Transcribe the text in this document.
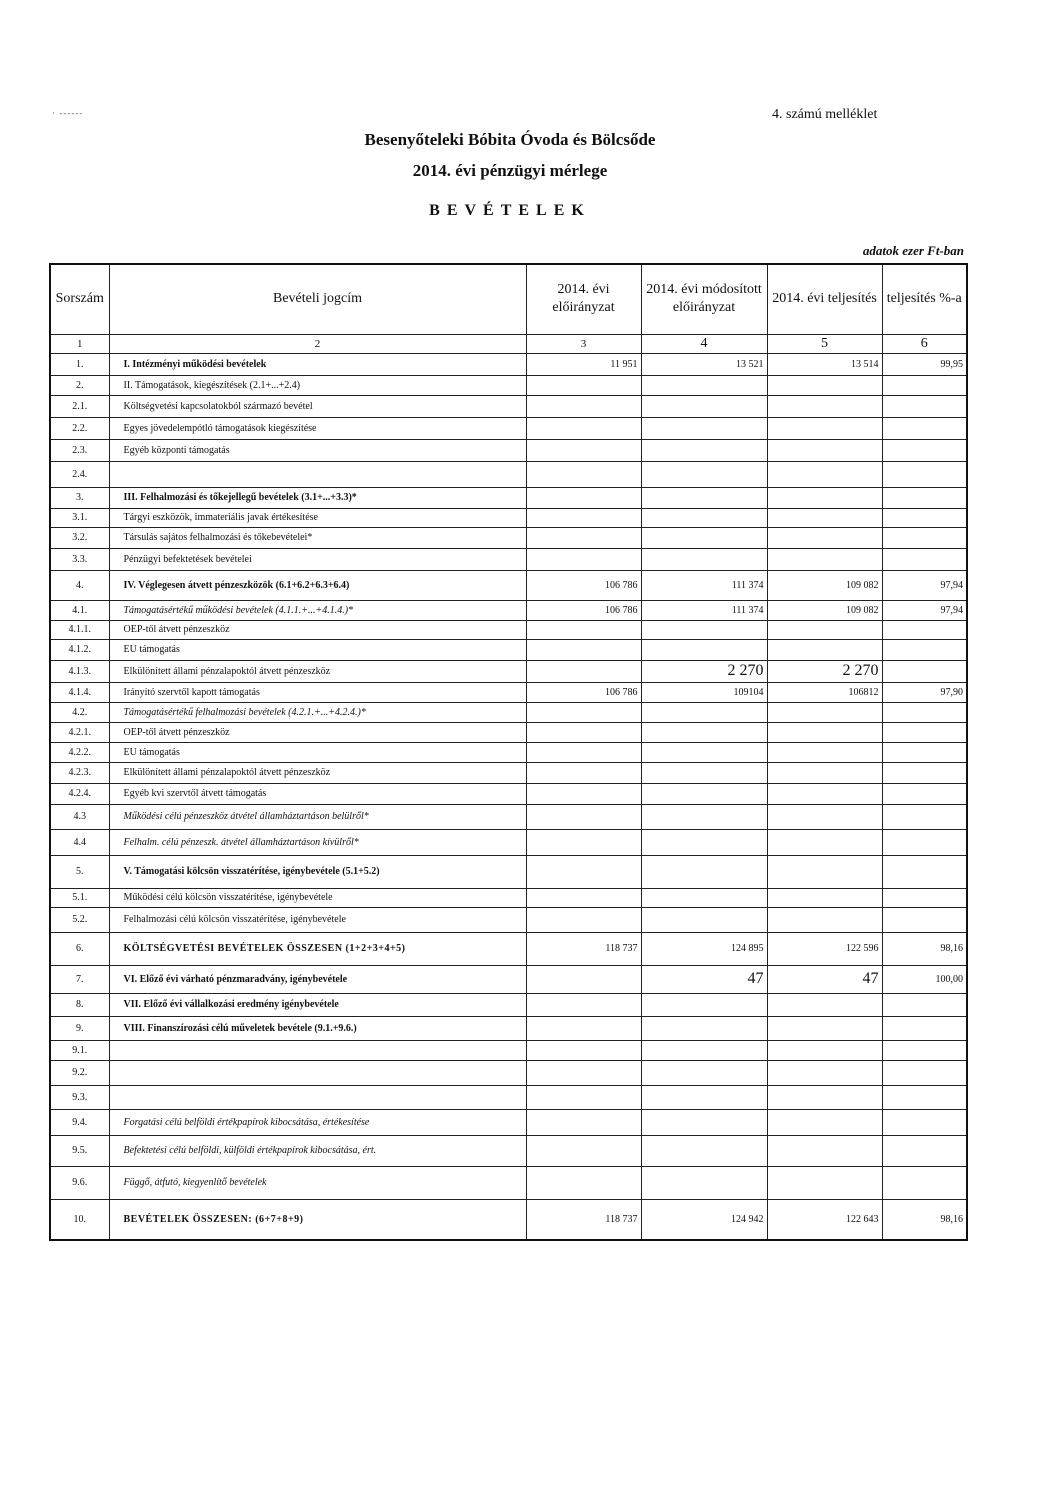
· ------	4. számú melléklet
Besenyőteleki Bóbita Óvoda és Bölcsőde
2014. évi pénzügyi mérlege
BEVÉTELEK
adatok ezer Ft-ban
Sorszám	Bevételi jogcím	2014. évi előirányzat	2014. évi módosított előirányzat	2014. évi teljesítés	teljesítés %-a
1	2	3	4	5	6
1.	I. Intézményi működési bevételek	11 951	13 521	13 514	99,95
2.	II. Támogatások, kiegészítések (2.1+...+2.4)				
2.1.	Költségvetési kapcsolatokból származó bevétel				
2.2.	Egyes jövedelempótló támogatások kiegészítése				
2.3.	Egyéb központi támogatás				
2.4.					
3.	III. Felhalmozási és tőkejellegű bevételek (3.1+...+3.3)*				
3.1.	Tárgyi eszközök, immateriális javak értékesítése				
3.2.	Társulás sajátos felhalmozási és tőkebevételei*				
3.3.	Pénzügyi befektetések bevételei				
4.	IV. Véglegesen átvett pénzeszközök (6.1+6.2+6.3+6.4)	106 786	111 374	109 082	97,94
4.1.	Támogatásértékű működési bevételek (4.1.1.+...+4.1.4.)*	106 786	111 374	109 082	97,94
4.1.1.	OEP-től átvett pénzeszköz				
4.1.2.	EU támogatás				
4.1.3.	Elkülönített állami pénzalapoktól átvett pénzeszköz		2 270	2 270	
4.1.4.	Irányító szervtől kapott támogatás	106 786	109104	106812	97,90
4.2.	Támogatásértékű felhalmozási bevételek (4.2.1.+...+4.2.4.)*				
4.2.1.	OEP-től átvett pénzeszköz				
4.2.2.	EU támogatás				
4.2.3.	Elkülönített állami pénzalapoktól átvett pénzeszköz				
4.2.4.	Egyéb kvi szervtől átvett támogatás				
4.3	Működési célú pénzeszköz átvétel államháztartáson belülről*				
4.4	Felhalm. célú pénzeszk. átvétel államháztartáson kívülről*				
5.	V. Támogatási kölcsön visszatérítése, igénybevétele (5.1+5.2)				
5.1.	Működési célú kölcsön visszatérítése, igénybevétele				
5.2.	Felhalmozási célú kölcsön visszatérítése, igénybevétele				
6.	KÖLTSÉGVETÉSI BEVÉTELEK ÖSSZESEN (1+2+3+4+5)	118 737	124 895	122 596	98,16
7.	VI. Előző évi várható pénzmaradvány, igénybevétele		47	47	100,00
8.	VII. Előző évi vállalkozási eredmény igénybevétele				
9.	VIII. Finanszírozási célú műveletek bevétele (9.1.+9.6.)				
9.1.					
9.2.					
9.3.					
9.4.	Forgatási célú belföldi értékpapírok kibocsátása, értékesítése				
9.5.	Befektetési célú belföldi, külföldi értékpapírok kibocsátása, ért.				
9.6.	Függő, átfutó, kiegyenlítő bevételek				
10.	BEVÉTELEK ÖSSZESEN: (6+7+8+9)	118 737	124 942	122 643	98,16
